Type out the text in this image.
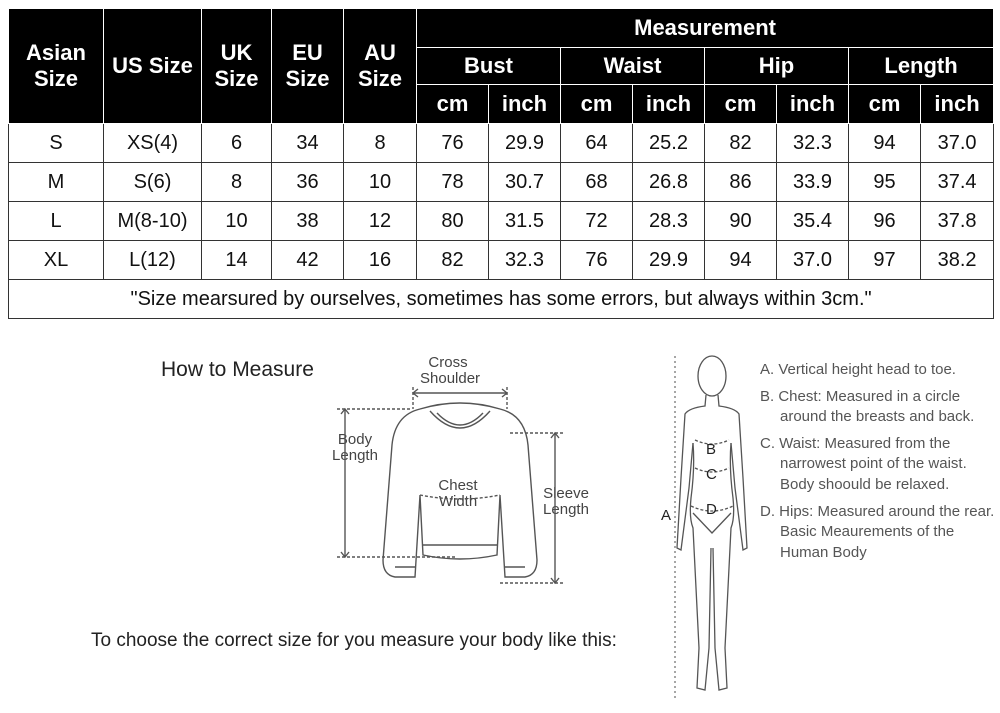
Asian Size	US Size	UK Size	EU Size	AU Size	Measurement							
					Bust		Waist		Hip		Length	
					cm	inch	cm	inch	cm	inch	cm	inch
S	XS(4)	6	34	8	76	29.9	64	25.2	82	32.3	94	37.0
M	S(6)	8	36	10	78	30.7	68	26.8	86	33.9	95	37.4
L	M(8-10)	10	38	12	80	31.5	72	28.3	90	35.4	96	37.8
XL	L(12)	14	42	16	82	32.3	76	29.9	94	37.0	97	38.2
"Size mearsured by ourselves, sometimes has some errors, but always within 3cm."												
How to Measure	Cross
Shoulder
Body
Length
Chest
Width	Sleeve
Length
To choose the correct size for you measure your body like this:
A
B
C
D

A. Vertical height head to toe.

B. Chest: Measured in a circle around the breasts and back.

C. Waist: Measured from the narrowest point of the waist. Body shoould be relaxed.

D. Hips: Measured around the rear. Basic Meaurements of the Human Body
